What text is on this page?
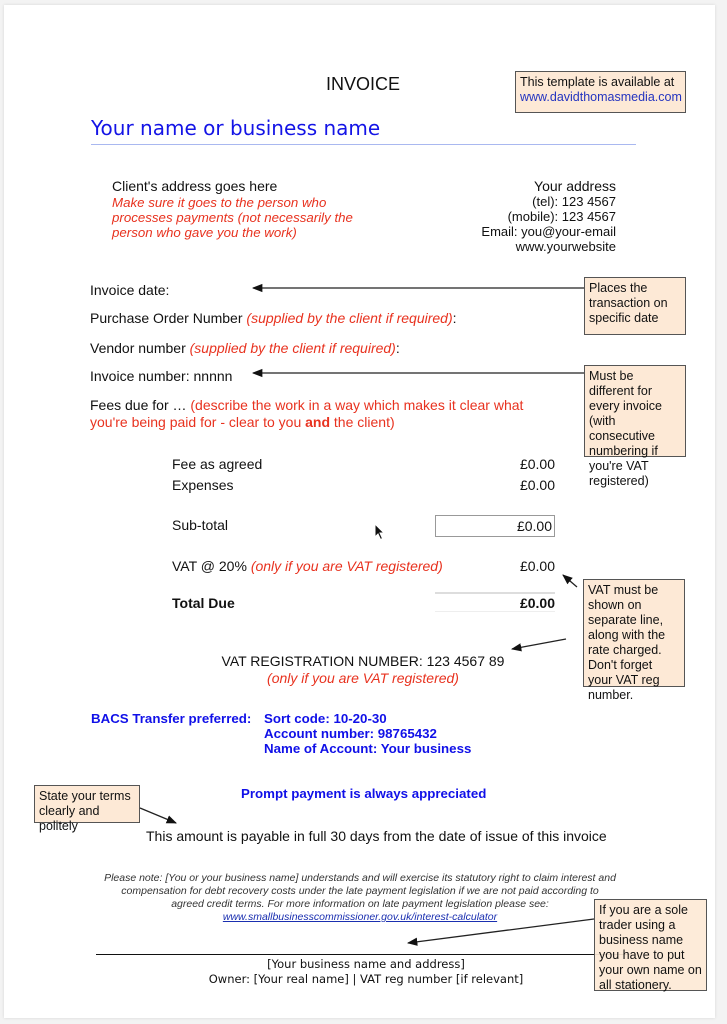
INVOICE	This template is available at
www.davidthomasmedia.com
Your name or business name
Client's address goes here
Make sure it goes to the person who processes payments (not necessarily the person who gave you the work)
Your address
(tel): 123 4567
(mobile): 123 4567
Email: you@your-email
www.yourwebsite
Invoice date:
Purchase Order Number (supplied by the client if required):
Vendor number (supplied by the client if required):
Invoice number: nnnnn
Fees due for … (describe the work in a way which makes it clear what you're being paid for - clear to you and the client)
Fee as agreed	£0.00
Expenses	£0.00
Sub-total	£0.00
VAT @ 20% (only if you are VAT registered)	£0.00
Total Due	£0.00
VAT REGISTRATION NUMBER: 123 4567 89
(only if you are VAT registered)
BACS Transfer preferred: Sort code: 10-20-30
Account number: 98765432
Name of Account: Your business
Prompt payment is always appreciated
This amount is payable in full 30 days from the date of issue of this invoice
Please note: [You or your business name] understands and will exercise its statutory right to claim interest and
compensation for debt recovery costs under the late payment legislation if we are not paid according to
agreed credit terms. For more information on late payment legislation please see:
www.smallbusinesscommissioner.gov.uk/interest-calculator
[Your business name and address]
Owner: [Your real name] | VAT reg number [if relevant]
Places the transaction on specific date
Must be different for every invoice (with consecutive numbering if you're VAT registered)
VAT must be shown on separate line, along with the rate charged. Don't forget your VAT reg number.
State your terms clearly and politely
If you are a sole trader using a business name you have to put your own name on all stationery.
